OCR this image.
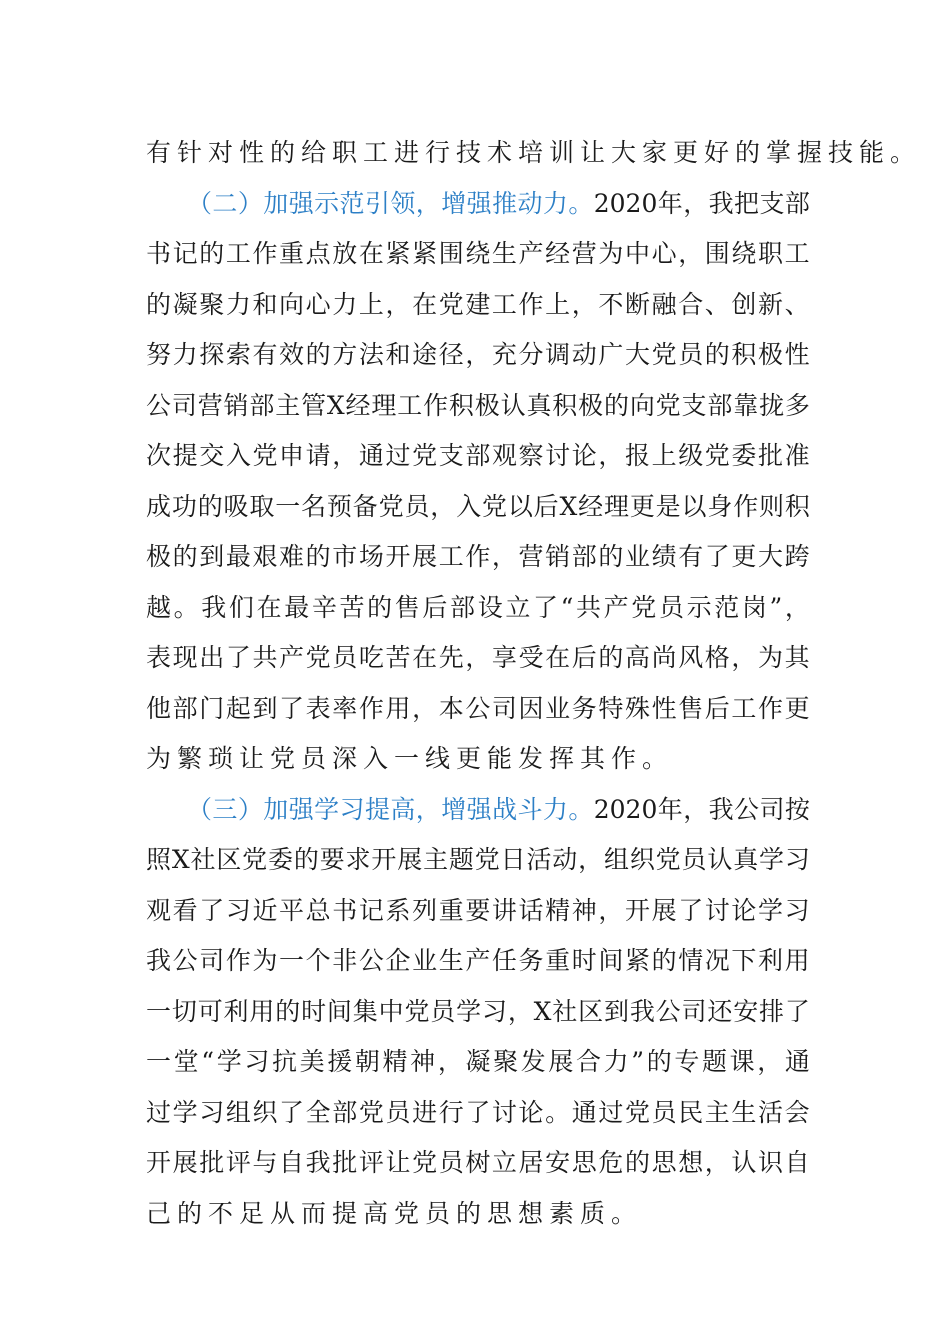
有针对性的给职工进行技术培训让大家更好的掌握技能。
（ 二 ） 加 强 示 范 引 领 ， 增 强 推 动 力 。 2020 年 ， 我 把 支 部
书 记 的 工 作 重 点 放 在 紧 紧 围 绕 生 产 经 营 为 中 心 ， 围 绕 职 工
的 凝 聚 力 和 向 心 力 上 ， 在 党 建 工 作 上 ， 不 断 融 合 、 创 新 、
努 力 探 索 有 效 的 方 法 和 途 径 ， 充 分 调 动 广 大 党 员 的 积 极 性
公 司 营 销 部 主 管 X 经 理 工 作 积 极 认 真 积 极 的 向 党 支 部 靠 拢 多
次 提 交 入 党 申 请 ， 通 过 党 支 部 观 察 讨 论 ， 报 上 级 党 委 批 准
成 功 的 吸 取 一 名 预 备 党 员 ， 入 党 以 后 X 经 理 更 是 以 身 作 则 积
极 的 到 最 艰 难 的 市 场 开 展 工 作 ， 营 销 部 的 业 绩 有 了 更 大 跨
越 。 我 们 在 最 辛 苦 的 售 后 部 设 立 了 “ 共 产 党 员 示 范 岗 ” ，
表 现 出 了 共 产 党 员 吃 苦 在 先 ， 享 受 在 后 的 高 尚 风 格 ， 为 其
他 部 门 起 到 了 表 率 作 用 ， 本 公 司 因 业 务 特 殊 性 售 后 工 作 更
为繁琐让党员深入一线更能发挥其作。
（ 三 ） 加 强 学 习 提 高 ， 增 强 战 斗 力 。 2020 年 ， 我 公 司 按
照 X 社 区 党 委 的 要 求 开 展 主 题 党 日 活 动 ， 组 织 党 员 认 真 学 习
观 看 了 习 近 平 总 书 记 系 列 重 要 讲 话 精 神 ， 开 展 了 讨 论 学 习
我 公 司 作 为 一 个 非 公 企 业 生 产 任 务 重 时 间 紧 的 情 况 下 利 用
一 切 可 利 用 的 时 间 集 中 党 员 学 习 ， X 社 区 到 我 公 司 还 安 排 了
一 堂 “ 学 习 抗 美 援 朝 精 神 ， 凝 聚 发 展 合 力 ” 的 专 题 课 ， 通
过 学 习 组 织 了 全 部 党 员 进 行 了 讨 论 。 通 过 党 员 民 主 生 活 会
开 展 批 评 与 自 我 批 评 让 党 员 树 立 居 安 思 危 的 思 想 ， 认 识 自
己的不足从而提高党员的思想素质。
